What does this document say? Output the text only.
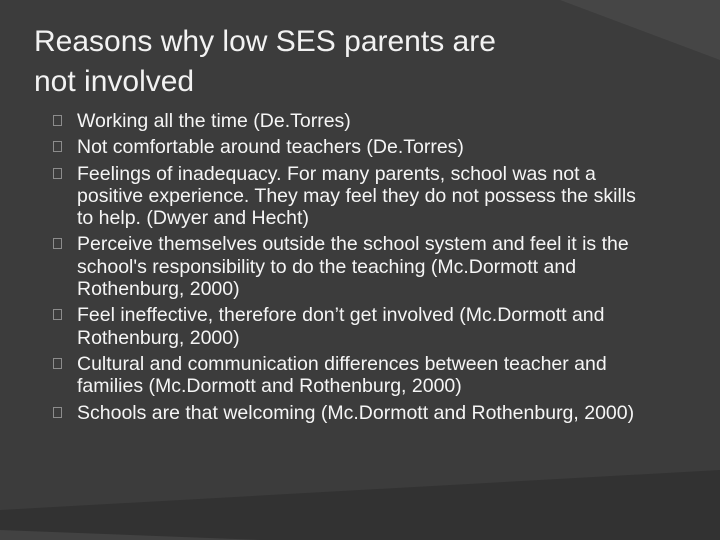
Reasons why low SES parents are
not involved
Working all the time (De.Torres)
Not comfortable around teachers (De.Torres)
Feelings of inadequacy. For many parents, school was not a positive experience. They may feel they do not possess the skills to help. (Dwyer and Hecht)
Perceive themselves outside the school system and feel it is the school's responsibility to do the teaching (Mc.Dormott and Rothenburg, 2000)
Feel ineffective, therefore don’t get involved (Mc.Dormott and Rothenburg, 2000)
Cultural and communication differences between teacher and families (Mc.Dormott and Rothenburg, 2000)
Schools are that welcoming (Mc.Dormott and Rothenburg, 2000)
